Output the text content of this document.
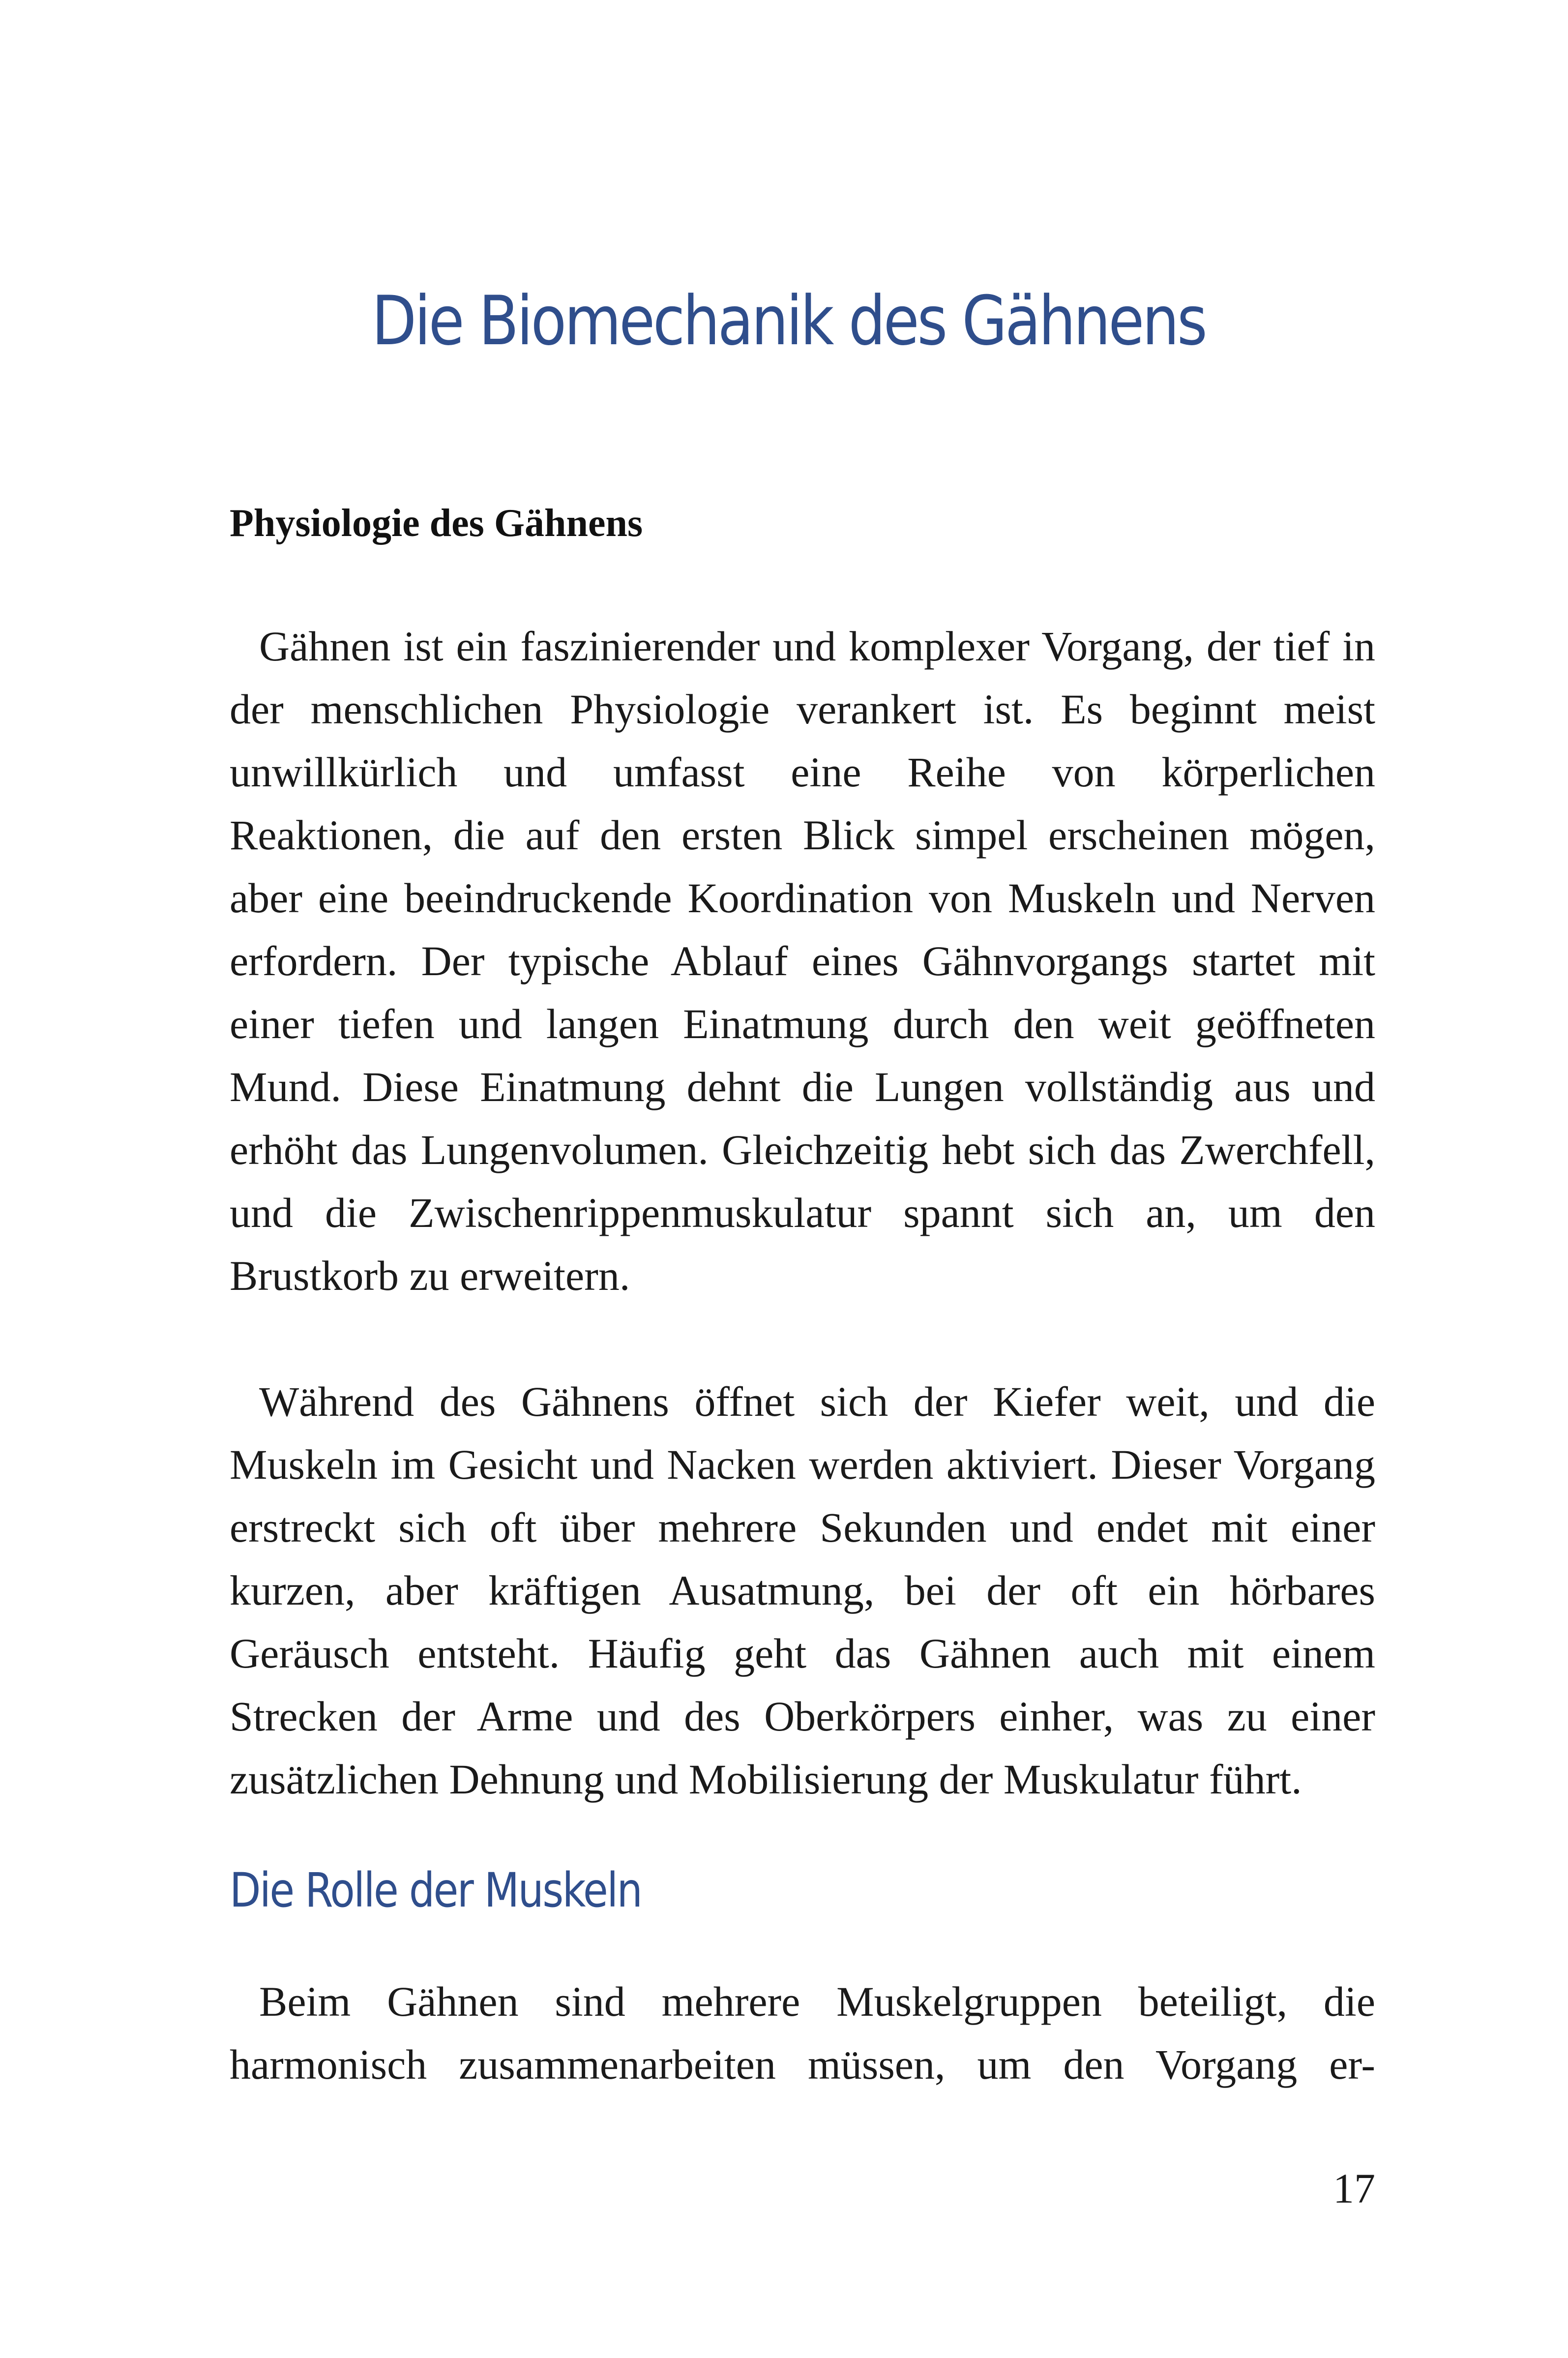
Die Biomechanik des Gähnens
Physiologie des Gähnens

Gähnen ist ein faszinierender und komplexer Vorgang, der tief in der menschlichen Physiologie verankert ist. Es beginnt meist unwillkürlich und umfasst eine Reihe von körperlichen Reaktionen, die auf den ersten Blick simpel erscheinen mögen, aber eine beeindruckende Koordination von Muskeln und Nerven erfordern. Der typische Ablauf eines Gähnvorgangs startet mit einer tiefen und langen Einatmung durch den weit geöffneten Mund. Diese Einatmung dehnt die Lungen vollständig aus und erhöht das Lungenvolumen. Gleichzeitig hebt sich das Zwerchfell, und die Zwischenrippenmuskulatur spannt sich an, um den Brustkorb zu erweitern.

Während des Gähnens öffnet sich der Kiefer weit, und die Muskeln im Gesicht und Nacken werden aktiviert. Dieser Vorgang erstreckt sich oft über mehrere Sekunden und endet mit einer kurzen, aber kräftigen Ausatmung, bei der oft ein hörbares Geräusch entsteht. Häufig geht das Gähnen auch mit einem Strecken der Arme und des Oberkörpers einher, was zu einer zusätzlichen Dehnung und Mobilisierung der Muskulatur führt.

Die Rolle der Muskeln

Beim Gähnen sind mehrere Muskelgruppen beteiligt, die harmonisch zusammenarbeiten müssen, um den Vorgang er-

17
